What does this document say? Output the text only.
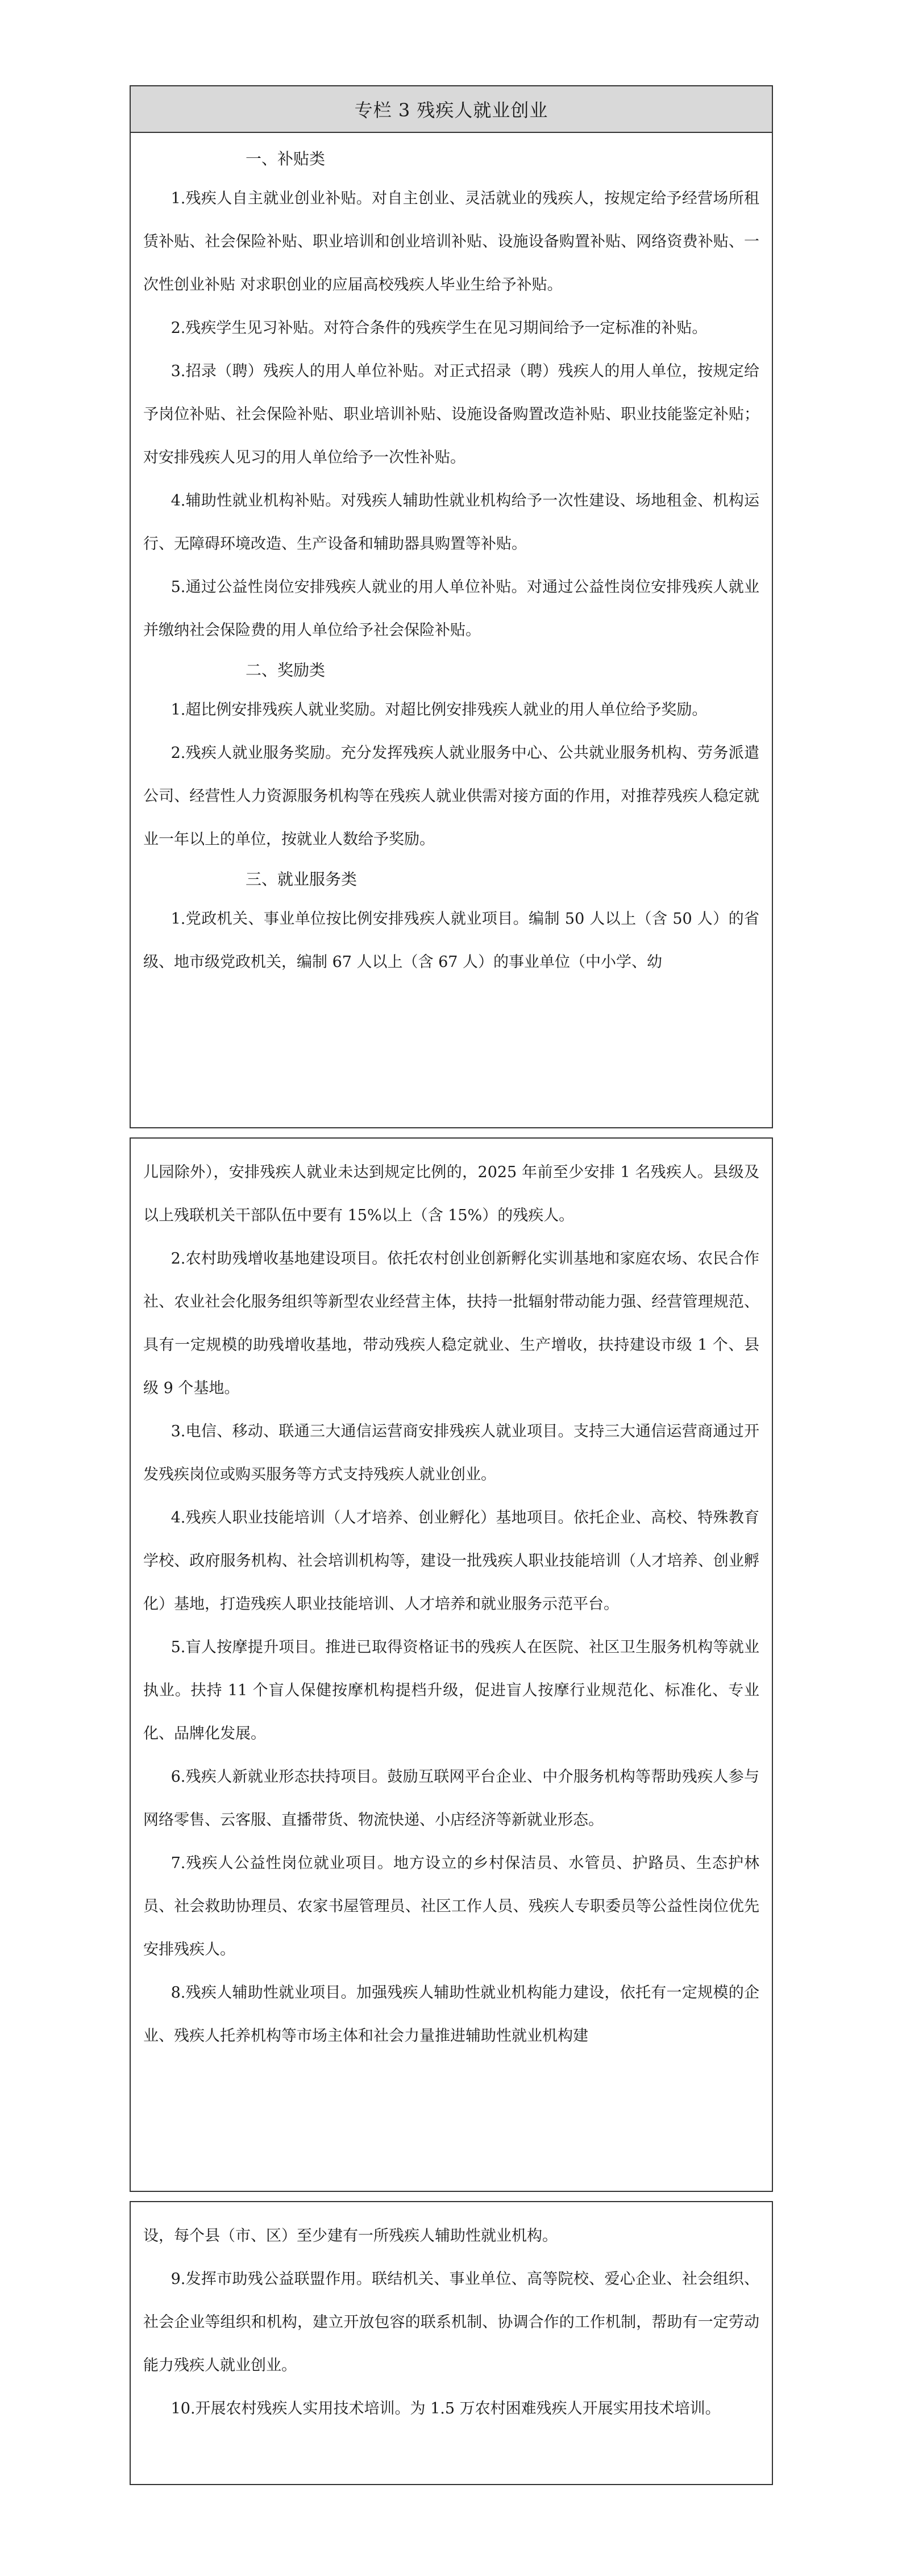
专栏 3 残疾人就业创业

一、补贴类

1.残疾人自主就业创业补贴。对自主创业、灵活就业的残疾人，按规定给予经营场所租赁补贴、社会保险补贴、职业培训和创业培训补贴、设施设备购置补贴、网络资费补贴、一次性创业补贴 对求职创业的应届高校残疾人毕业生给予补贴。

2.残疾学生见习补贴。对符合条件的残疾学生在见习期间给予一定标准的补贴。

3.招录（聘）残疾人的用人单位补贴。对正式招录（聘）残疾人的用人单位，按规定给予岗位补贴、社会保险补贴、职业培训补贴、设施设备购置改造补贴、职业技能鉴定补贴；对安排残疾人见习的用人单位给予一次性补贴。

4.辅助性就业机构补贴。对残疾人辅助性就业机构给予一次性建设、场地租金、机构运行、无障碍环境改造、生产设备和辅助器具购置等补贴。

5.通过公益性岗位安排残疾人就业的用人单位补贴。对通过公益性岗位安排残疾人就业并缴纳社会保险费的用人单位给予社会保险补贴。

二、奖励类

1.超比例安排残疾人就业奖励。对超比例安排残疾人就业的用人单位给予奖励。

2.残疾人就业服务奖励。充分发挥残疾人就业服务中心、公共就业服务机构、劳务派遣公司、经营性人力资源服务机构等在残疾人就业供需对接方面的作用，对推荐残疾人稳定就业一年以上的单位，按就业人数给予奖励。

三、就业服务类

1.党政机关、事业单位按比例安排残疾人就业项目。编制 50 人以上（含 50 人）的省级、地市级党政机关，编制 67 人以上（含 67 人）的事业单位（中小学、幼

儿园除外），安排残疾人就业未达到规定比例的，2025 年前至少安排 1 名残疾人。县级及以上残联机关干部队伍中要有 15%以上（含 15%）的残疾人。

2.农村助残增收基地建设项目。依托农村创业创新孵化实训基地和家庭农场、农民合作社、农业社会化服务组织等新型农业经营主体，扶持一批辐射带动能力强、经营管理规范、具有一定规模的助残增收基地，带动残疾人稳定就业、生产增收，扶持建设市级 1 个、县级 9 个基地。

3.电信、移动、联通三大通信运营商安排残疾人就业项目。支持三大通信运营商通过开发残疾岗位或购买服务等方式支持残疾人就业创业。

4.残疾人职业技能培训（人才培养、创业孵化）基地项目。依托企业、高校、特殊教育学校、政府服务机构、社会培训机构等，建设一批残疾人职业技能培训（人才培养、创业孵化）基地，打造残疾人职业技能培训、人才培养和就业服务示范平台。

5.盲人按摩提升项目。推进已取得资格证书的残疾人在医院、社区卫生服务机构等就业执业。扶持 11 个盲人保健按摩机构提档升级，促进盲人按摩行业规范化、标准化、专业化、品牌化发展。

6.残疾人新就业形态扶持项目。鼓励互联网平台企业、中介服务机构等帮助残疾人参与网络零售、云客服、直播带货、物流快递、小店经济等新就业形态。

7.残疾人公益性岗位就业项目。地方设立的乡村保洁员、水管员、护路员、生态护林员、社会救助协理员、农家书屋管理员、社区工作人员、残疾人专职委员等公益性岗位优先安排残疾人。

8.残疾人辅助性就业项目。加强残疾人辅助性就业机构能力建设，依托有一定规模的企业、残疾人托养机构等市场主体和社会力量推进辅助性就业机构建

设，每个县（市、区）至少建有一所残疾人辅助性就业机构。

9.发挥市助残公益联盟作用。联结机关、事业单位、高等院校、爱心企业、社会组织、社会企业等组织和机构，建立开放包容的联系机制、协调合作的工作机制，帮助有一定劳动能力残疾人就业创业。

10.开展农村残疾人实用技术培训。为 1.5 万农村困难残疾人开展实用技术培训。
